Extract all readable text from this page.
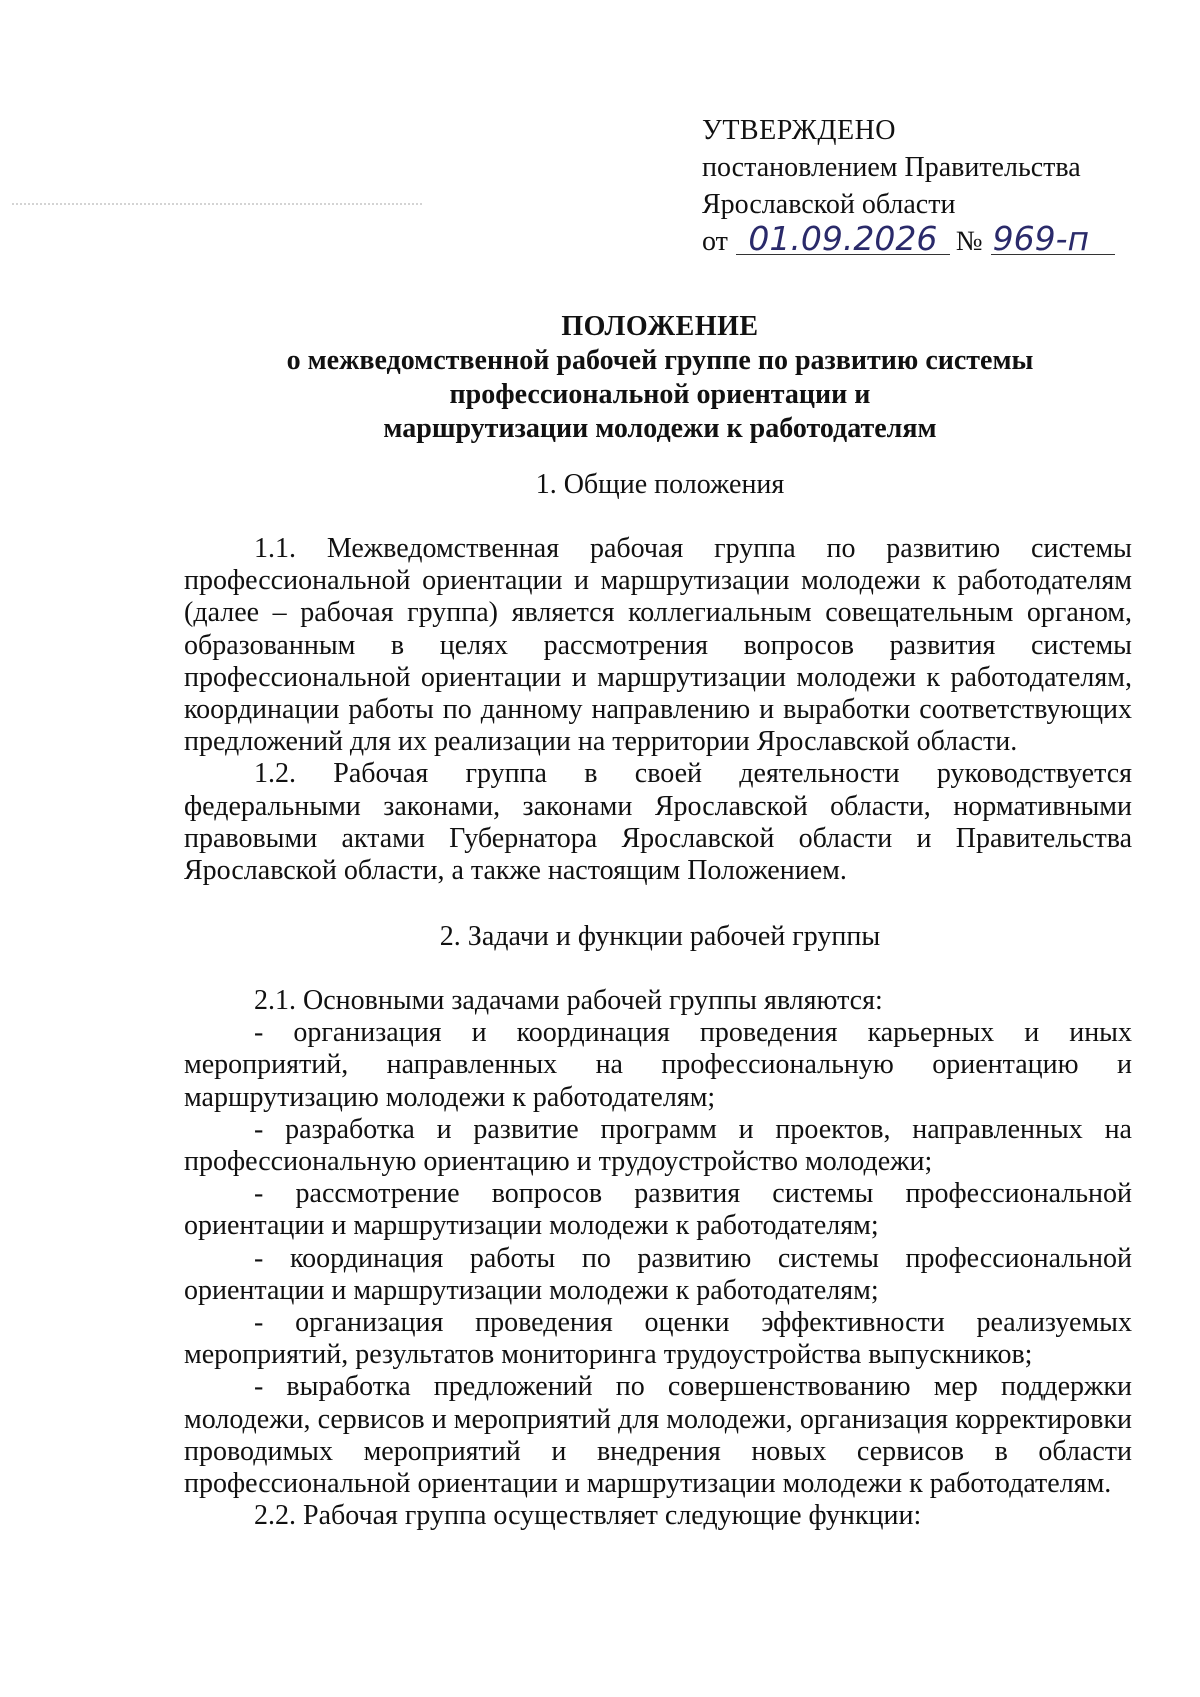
УТВЕРЖДЕНО
постановлением Правительства
Ярославской области
от 01.09.2026 № 969-п
ПОЛОЖЕНИЕ
о межведомственной рабочей группе по развитию системы
профессиональной ориентации и
маршрутизации молодежи к работодателям
1. Общие положения

1.1. Межведомственная рабочая группа по развитию системы профессиональной ориентации и маршрутизации молодежи к работодателям (далее – рабочая группа) является коллегиальным совещательным органом, образованным в целях рассмотрения вопросов развития системы профессиональной ориентации и маршрутизации молодежи к работодателям, координации работы по данному направлению и выработки соответствующих предложений для их реализации на территории Ярославской области.

1.2. Рабочая группа в своей деятельности руководствуется федеральными законами, законами Ярославской области, нормативными правовыми актами Губернатора Ярославской области и Правительства Ярославской области, а также настоящим Положением.

2. Задачи и функции рабочей группы

2.1. Основными задачами рабочей группы являются:

- организация и координация проведения карьерных и иных мероприятий, направленных на профессиональную ориентацию и маршрутизацию молодежи к работодателям;

- разработка и развитие программ и проектов, направленных на профессиональную ориентацию и трудоустройство молодежи;

- рассмотрение вопросов развития системы профессиональной ориентации и маршрутизации молодежи к работодателям;

- координация работы по развитию системы профессиональной ориентации и маршрутизации молодежи к работодателям;

- организация проведения оценки эффективности реализуемых мероприятий, результатов мониторинга трудоустройства выпускников;

- выработка предложений по совершенствованию мер поддержки молодежи, сервисов и мероприятий для молодежи, организация корректировки проводимых мероприятий и внедрения новых сервисов в области профессиональной ориентации и маршрутизации молодежи к работодателям.

2.2. Рабочая группа осуществляет следующие функции:
